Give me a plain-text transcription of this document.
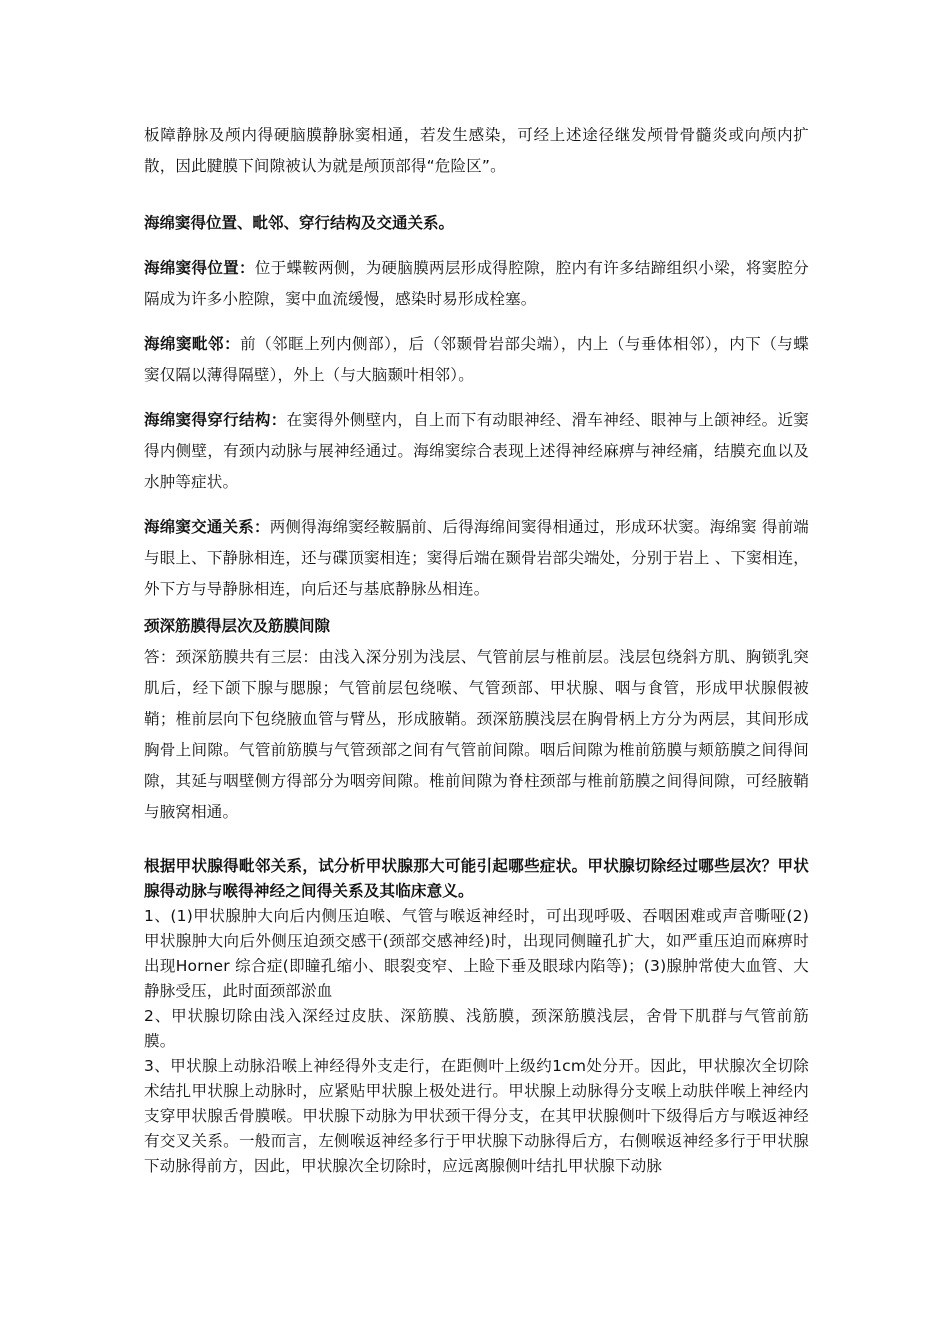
板障静脉及颅内得硬脑膜静脉窦相通，若发生感染，可经上述途径继发颅骨骨髓炎或向颅内扩散，因此腱膜下间隙被认为就是颅顶部得“危险区”。

海绵窦得位置、毗邻、穿行结构及交通关系。

海绵窦得位置：位于蝶鞍两侧，为硬脑膜两层形成得腔隙，腔内有许多结蹄组织小梁，将窦腔分隔成为许多小腔隙，窦中血流缓慢，感染时易形成栓塞。

海绵窦毗邻：前（邻眶上列内侧部），后（邻颞骨岩部尖端），内上（与垂体相邻），内下（与蝶窦仅隔以薄得隔壁），外上（与大脑颞叶相邻）。

海绵窦得穿行结构：在窦得外侧壁内，自上而下有动眼神经、滑车神经、眼神与上颌神经。近窦得内侧壁，有颈内动脉与展神经通过。海绵窦综合表现上述得神经麻痹与神经痛，结膜充血以及水肿等症状。

海绵窦交通关系：两侧得海绵窦经鞍膈前、后得海绵间窦得相通过，形成环状窦。海绵窦 得前端与眼上、下静脉相连，还与碟顶窦相连；窦得后端在颞骨岩部尖端处，分别于岩上 、下窦相连，外下方与导静脉相连，向后还与基底静脉丛相连。

颈深筋膜得层次及筋膜间隙

答：颈深筋膜共有三层：由浅入深分别为浅层、气管前层与椎前层。浅层包绕斜方肌、胸锁乳突肌后，经下颌下腺与腮腺；气管前层包绕喉、气管颈部、甲状腺、咽与食管，形成甲状腺假被鞘；椎前层向下包绕腋血管与臂丛，形成腋鞘。颈深筋膜浅层在胸骨柄上方分为两层，其间形成胸骨上间隙。气管前筋膜与气管颈部之间有气管前间隙。咽后间隙为椎前筋膜与颊筋膜之间得间隙，其延与咽壁侧方得部分为咽旁间隙。椎前间隙为脊柱颈部与椎前筋膜之间得间隙，可经腋鞘与腋窝相通。

根据甲状腺得毗邻关系，试分析甲状腺那大可能引起哪些症状。甲状腺切除经过哪些层次？甲状腺得动脉与喉得神经之间得关系及其临床意义。

1、(1)甲状腺肿大向后内侧压迫喉、气管与喉返神经时，可出现呼吸、吞咽困难或声音嘶哑(2)甲状腺肿大向后外侧压迫颈交感干(颈部交感神经)时，出现同侧瞳孔扩大，如严重压迫而麻痹时出现Horner 综合症(即瞳孔缩小、眼裂变窄、上睑下垂及眼球内陷等)；(3)腺肿常使大血管、大静脉受压，此时面颈部淤血

2、甲状腺切除由浅入深经过皮肤、深筋膜、浅筋膜，颈深筋膜浅层，舍骨下肌群与气管前筋膜。

3、甲状腺上动脉沿喉上神经得外支走行，在距侧叶上级约1cm处分开。因此，甲状腺次全切除术结扎甲状腺上动脉时，应紧贴甲状腺上极处进行。甲状腺上动脉得分支喉上动肤伴喉上神经内支穿甲状腺舌骨膜喉。甲状腺下动脉为甲状颈干得分支，在其甲状腺侧叶下级得后方与喉返神经有交叉关系。一般而言，左侧喉返神经多行于甲状腺下动脉得后方，右侧喉返神经多行于甲状腺下动脉得前方，因此，甲状腺次全切除时，应远离腺侧叶结扎甲状腺下动脉
